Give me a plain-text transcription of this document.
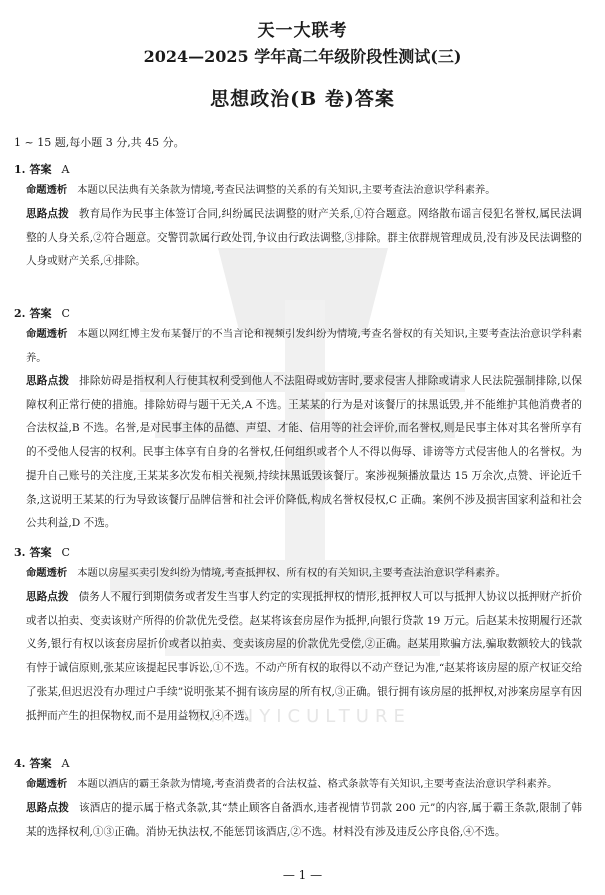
TIANYICULTURE
天一大联考
2024—2025 学年高二年级阶段性测试(三)
思想政治(B 卷)答案
1 ~ 15 题,每小题 3 分,共 45 分。
1. 答案 A

命题透析 本题以民法典有关条款为情境,考查民法调整的关系的有关知识,主要考查法治意识学科素养。

思路点拨 教育局作为民事主体签订合同,纠纷属民法调整的财产关系,①符合题意。网络散布谣言侵犯名誉权,属民法调整的人身关系,②符合题意。交警罚款属行政处罚,争议由行政法调整,③排除。群主依群规管理成员,没有涉及民法调整的人身或财产关系,④排除。

2. 答案 C

命题透析 本题以网红博主发布某餐厅的不当言论和视频引发纠纷为情境,考查名誉权的有关知识,主要考查法治意识学科素养。

思路点拨 排除妨碍是指权利人行使其权利受到他人不法阻碍或妨害时,要求侵害人排除或请求人民法院强制排除,以保障权利正常行使的措施。排除妨碍与题干无关,A 不选。王某某的行为是对该餐厅的抹黑诋毁,并不能维护其他消费者的合法权益,B 不选。名誉,是对民事主体的品德、声望、才能、信用等的社会评价,而名誉权,则是民事主体对其名誉所享有的不受他人侵害的权利。民事主体享有自身的名誉权,任何组织或者个人不得以侮辱、诽谤等方式侵害他人的名誉权。为提升自己账号的关注度,王某某多次发布相关视频,持续抹黑诋毁该餐厅。案涉视频播放量达 15 万余次,点赞、评论近千条,这说明王某某的行为导致该餐厅品牌信誉和社会评价降低,构成名誉权侵权,C 正确。案例不涉及损害国家利益和社会公共利益,D 不选。

3. 答案 C

命题透析 本题以房屋买卖引发纠纷为情境,考查抵押权、所有权的有关知识,主要考查法治意识学科素养。

思路点拨 债务人不履行到期债务或者发生当事人约定的实现抵押权的情形,抵押权人可以与抵押人协议以抵押财产折价或者以拍卖、变卖该财产所得的价款优先受偿。赵某将该套房屋作为抵押,向银行贷款 19 万元。后赵某未按期履行还款义务,银行有权以该套房屋折价或者以拍卖、变卖该房屋的价款优先受偿,②正确。赵某用欺骗方法,骗取数额较大的钱款有悖于诚信原则,张某应该提起民事诉讼,①不选。不动产所有权的取得以不动产登记为准,“赵某将该房屋的原产权证交给了张某,但迟迟没有办理过户手续”说明张某不拥有该房屋的所有权,③正确。银行拥有该房屋的抵押权,对涉案房屋享有因抵押而产生的担保物权,而不是用益物权,④不选。

4. 答案 A

命题透析 本题以酒店的霸王条款为情境,考查消费者的合法权益、格式条款等有关知识,主要考查法治意识学科素养。

思路点拨 该酒店的提示属于格式条款,其“禁止顾客自备酒水,违者视情节罚款 200 元”的内容,属于霸王条款,限制了韩某的选择权利,①③正确。消协无执法权,不能惩罚该酒店,②不选。材料没有涉及违反公序良俗,④不选。

— 1 —
